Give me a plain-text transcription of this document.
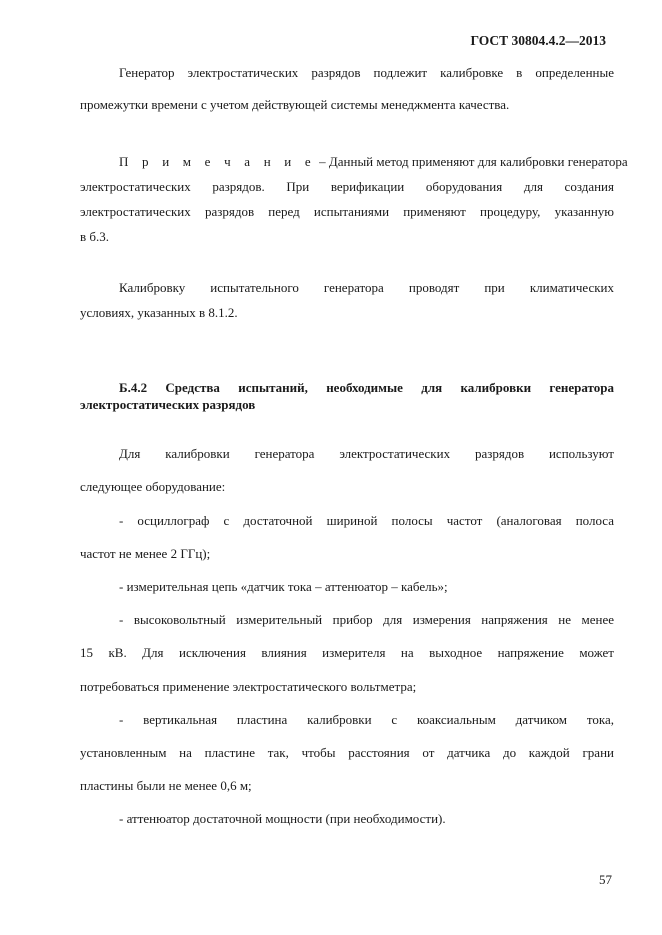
ГОСТ 30804.4.2—2013
Генератор электростатических разрядов подлежит калибровке в определенные
промежутки времени с учетом действующей системы менеджмента качества.
П р и м е ч а н и е – Данный метод применяют для калибровки генератора
электростатических разрядов. При верификации оборудования для создания
электростатических разрядов перед испытаниями применяют процедуру, указанную
в б.3.
Калибровку испытательного генератора проводят при климатических
условиях, указанных в 8.1.2.
Б.4.2 Средства испытаний, необходимые для калибровки генератора
электростатических разрядов
Для калибровки генератора электростатических разрядов используют
следующее оборудование:
- осциллограф с достаточной шириной полосы частот (аналоговая полоса
частот не менее 2 ГГц);
- измерительная цепь «датчик тока – аттенюатор – кабель»;
- высоковольтный измерительный прибор для измерения напряжения не менее
15 кВ. Для исключения влияния измерителя на выходное напряжение может
потребоваться применение электростатического вольтметра;
- вертикальная пластина калибровки с коаксиальным датчиком тока,
установленным на пластине так, чтобы расстояния от датчика до каждой грани
пластины были не менее 0,6 м;
- аттенюатор достаточной мощности (при необходимости).
57
